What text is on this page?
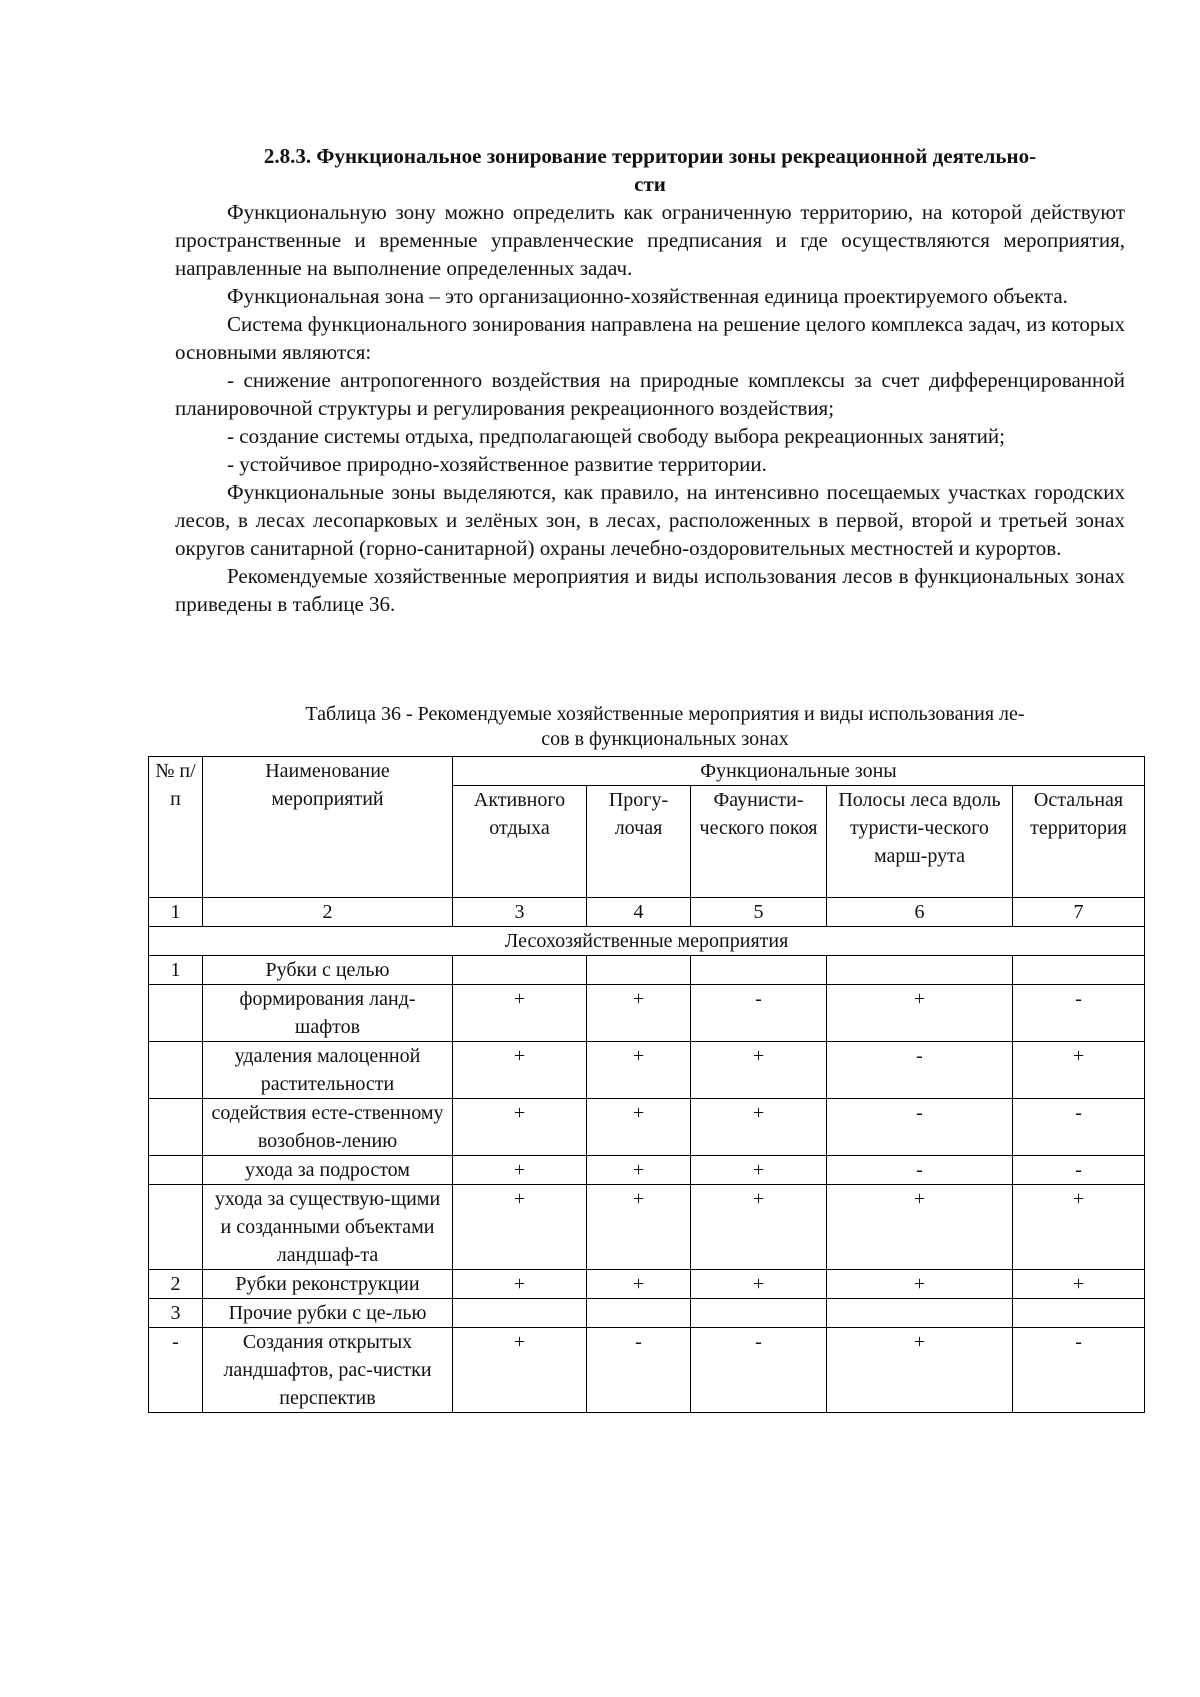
2.8.3. Функциональное зонирование территории зоны рекреационной деятельно-
сти

Функциональную зону можно определить как ограниченную территорию, на которой действуют пространственные и временные управленческие предписания и где осуществляются мероприятия, направленные на выполнение определенных задач.

Функциональная зона – это организационно-хозяйственная единица проектируемого объекта.

Система функционального зонирования направлена на решение целого комплекса задач, из которых основными являются:

- снижение антропогенного воздействия на природные комплексы за счет дифференцированной планировочной структуры и регулирования рекреационного воздействия;

- создание системы отдыха, предполагающей свободу выбора рекреационных занятий;

- устойчивое природно-хозяйственное развитие территории.

Функциональные зоны выделяются, как правило, на интенсивно посещаемых участках городских лесов, в лесах лесопарковых и зелёных зон, в лесах, расположенных в первой, второй и третьей зонах округов санитарной (горно-санитарной) охраны лечебно-оздоровительных местностей и курортов.

Рекомендуемые хозяйственные мероприятия и виды использования лесов в функциональных зонах приведены в таблице 36.

Таблица 36 - Рекомендуемые хозяйственные мероприятия и виды использования ле-
сов в функциональных зонах
№ п/п	Наименование мероприятий	Функциональные зоны				
		Активного отдыха	Прогу-лочая	Фаунисти-ческого покоя	Полосы леса вдоль туристи-ческого марш-рута	Остальная территория
1	2	3	4	5	6	7
Лесохозяйственные мероприятия						
1	Рубки с целью					
	формирования ланд-шафтов	+	+	-	+	-
	удаления малоценной растительности	+	+	+	-	+
	содействия есте-ственному возобнов-лению	+	+	+	-	-
	ухода за подростом	+	+	+	-	-
	ухода за существую-щими и созданными объектами ландшаф-та	+	+	+	+	+
2	Рубки реконструкции	+	+	+	+	+
3	Прочие рубки с це-лью					
-	Создания открытых ландшафтов, рас-чистки перспектив	+	-	-	+	-
